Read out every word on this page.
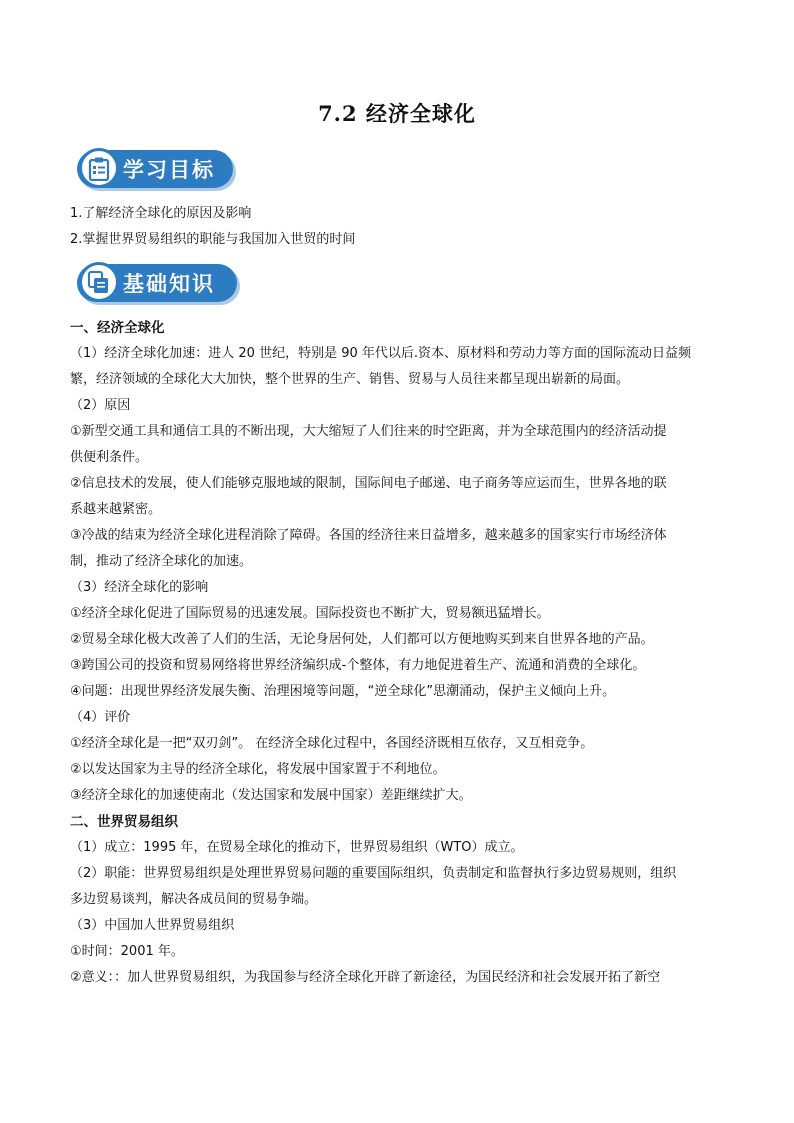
7.2 经济全球化
学习目标
1.了解经济全球化的原因及影响
2.掌握世界贸易组织的职能与我国加入世贸的时间
基础知识
一、经济全球化
（1）经济全球化加速：进人 20 世纪，特别是 90 年代以后.资本、原材料和劳动力等方面的国际流动日益频
繁，经济领域的全球化大大加快，整个世界的生产、销售、贸易与人员往来都呈现出崭新的局面。
（2）原因
①新型交通工具和通信工具的不断出现，大大缩短了人们往来的时空距离，并为全球范围内的经济活动提
供便利条件。
②信息技术的发展，使人们能够克服地域的限制，国际间电子邮递、电子商务等应运而生，世界各地的联
系越来越紧密。
③冷战的结束为经济全球化进程消除了障碍。各国的经济往来日益增多，越来越多的国家实行市场经济体
制，推动了经济全球化的加速。
（3）经济全球化的影响
①经济全球化促进了国际贸易的迅速发展。国际投资也不断扩大，贸易额迅猛增长。
②贸易全球化极大改善了人们的生活，无论身居何处，人们都可以方便地购买到来自世界各地的产品。
③跨国公司的投资和贸易网络将世界经济编织成-个整体，有力地促进着生产、流通和消费的全球化。
④问题：出现世界经济发展失衡、治理困境等问题，“逆全球化”思潮涌动，保护主义倾向上升。
（4）评价
①经济全球化是一把“双刃剑”。 在经济全球化过程中，各国经济既相互依存，又互相竞争。
②以发达国家为主导的经济全球化，将发展中国家置于不利地位。
③经济全球化的加速使南北（发达国家和发展中国家）差距继续扩大。
二、世界贸易组织
（1）成立：1995 年，在贸易全球化的推动下，世界贸易组织（WTO）成立。
（2）职能：世界贸易组织是处理世界贸易问题的重要国际组织，负责制定和监督执行多边贸易规则，组织
多边贸易谈判，解决各成员间的贸易争端。
（3）中国加人世界贸易组织
①时间：2001 年。
②意义：：加人世界贸易组织，为我国参与经济全球化开辟了新途径，为国民经济和社会发展开拓了新空
